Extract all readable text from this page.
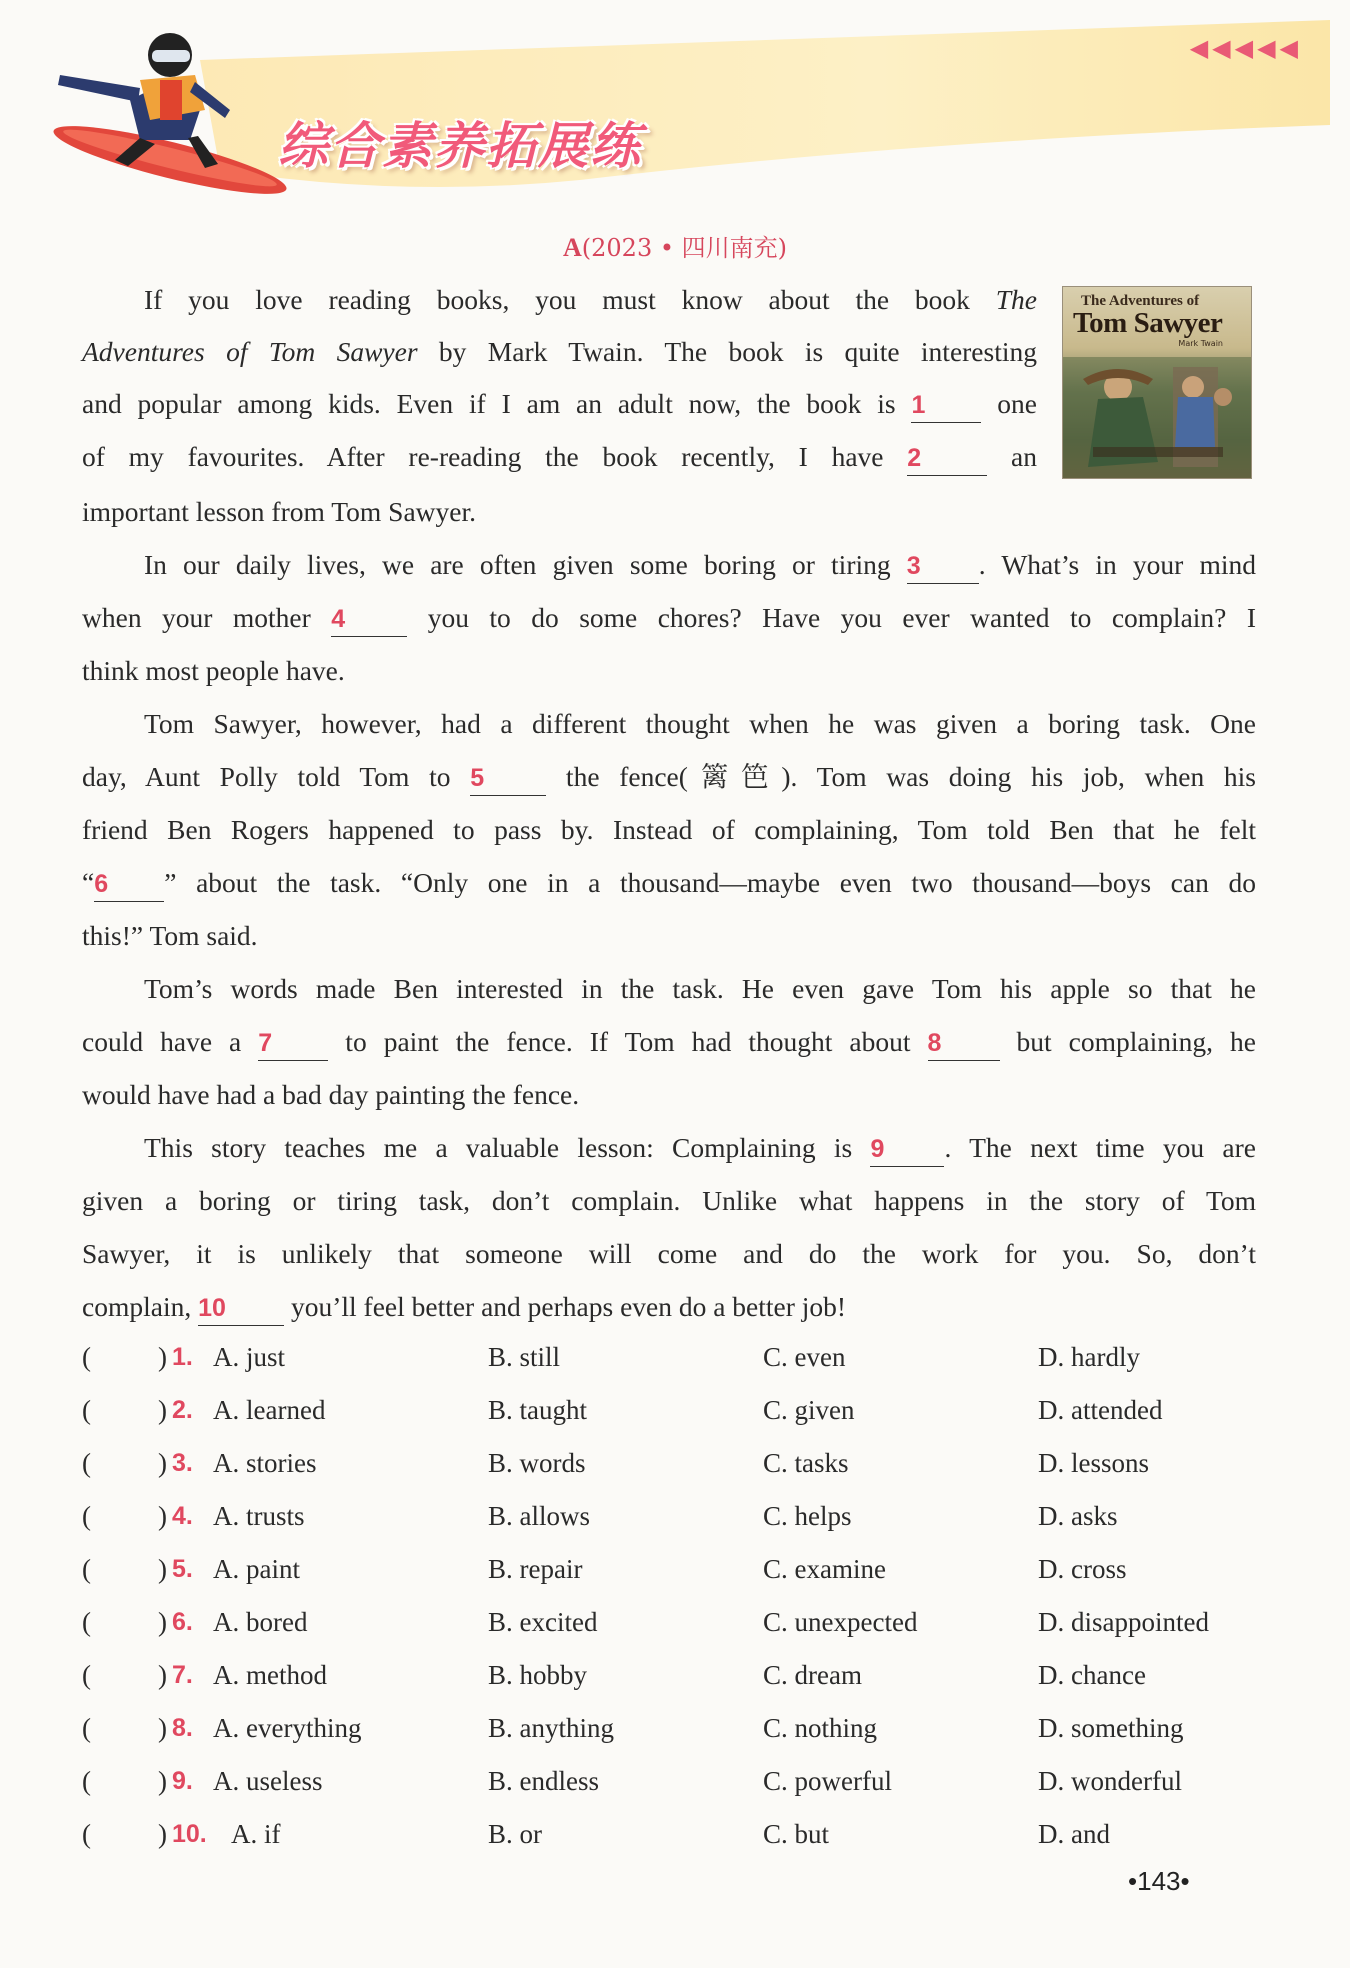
综合素养拓展练
◀◀◀◀◀
A(2023 • 四川南充)
The Adventures of
Tom Sawyer
Mark Twain
If you love reading books, you must know about the book The
Adventures of Tom Sawyer by Mark Twain. The book is quite interesting
and popular among kids. Even if I am an adult now, the book is 1 one
of my favourites. After re-reading the book recently, I have 2 an
important lesson from Tom Sawyer.
In our daily lives, we are often given some boring or tiring 3 . What’s in your mind
when your mother 4 you to do some chores? Have you ever wanted to complain? I
think most people have.
Tom Sawyer, however, had a different thought when he was given a boring task. One
day, Aunt Polly told Tom to 5 the fence(篱笆). Tom was doing his job, when his
friend Ben Rogers happened to pass by. Instead of complaining, Tom told Ben that he felt
“6 ” about the task. “Only one in a thousand—maybe even two thousand—boys can do
this!” Tom said.
Tom’s words made Ben interested in the task. He even gave Tom his apple so that he
could have a 7 to paint the fence. If Tom had thought about 8 but complaining, he
would have had a bad day painting the fence.
This story teaches me a valuable lesson: Complaining is 9 . The next time you are
given a boring or tiring task, don’t complain. Unlike what happens in the story of Tom
Sawyer, it is unlikely that someone will come and do the work for you. So, don’t
complain, 10 you’ll feel better and perhaps even do a better job!
( ) 1. A. just	B. still	C. even	D. hardly
( ) 2. A. learned	B. taught	C. given	D. attended
( ) 3. A. stories	B. words	C. tasks	D. lessons
( ) 4. A. trusts	B. allows	C. helps	D. asks
( ) 5. A. paint	B. repair	C. examine	D. cross
( ) 6. A. bored	B. excited	C. unexpected	D. disappointed
( ) 7. A. method	B. hobby	C. dream	D. chance
( ) 8. A. everything	B. anything	C. nothing	D. something
( ) 9. A. useless	B. endless	C. powerful	D. wonderful
( ) 10. A. if	B. or	C. but	D. and
•143•
